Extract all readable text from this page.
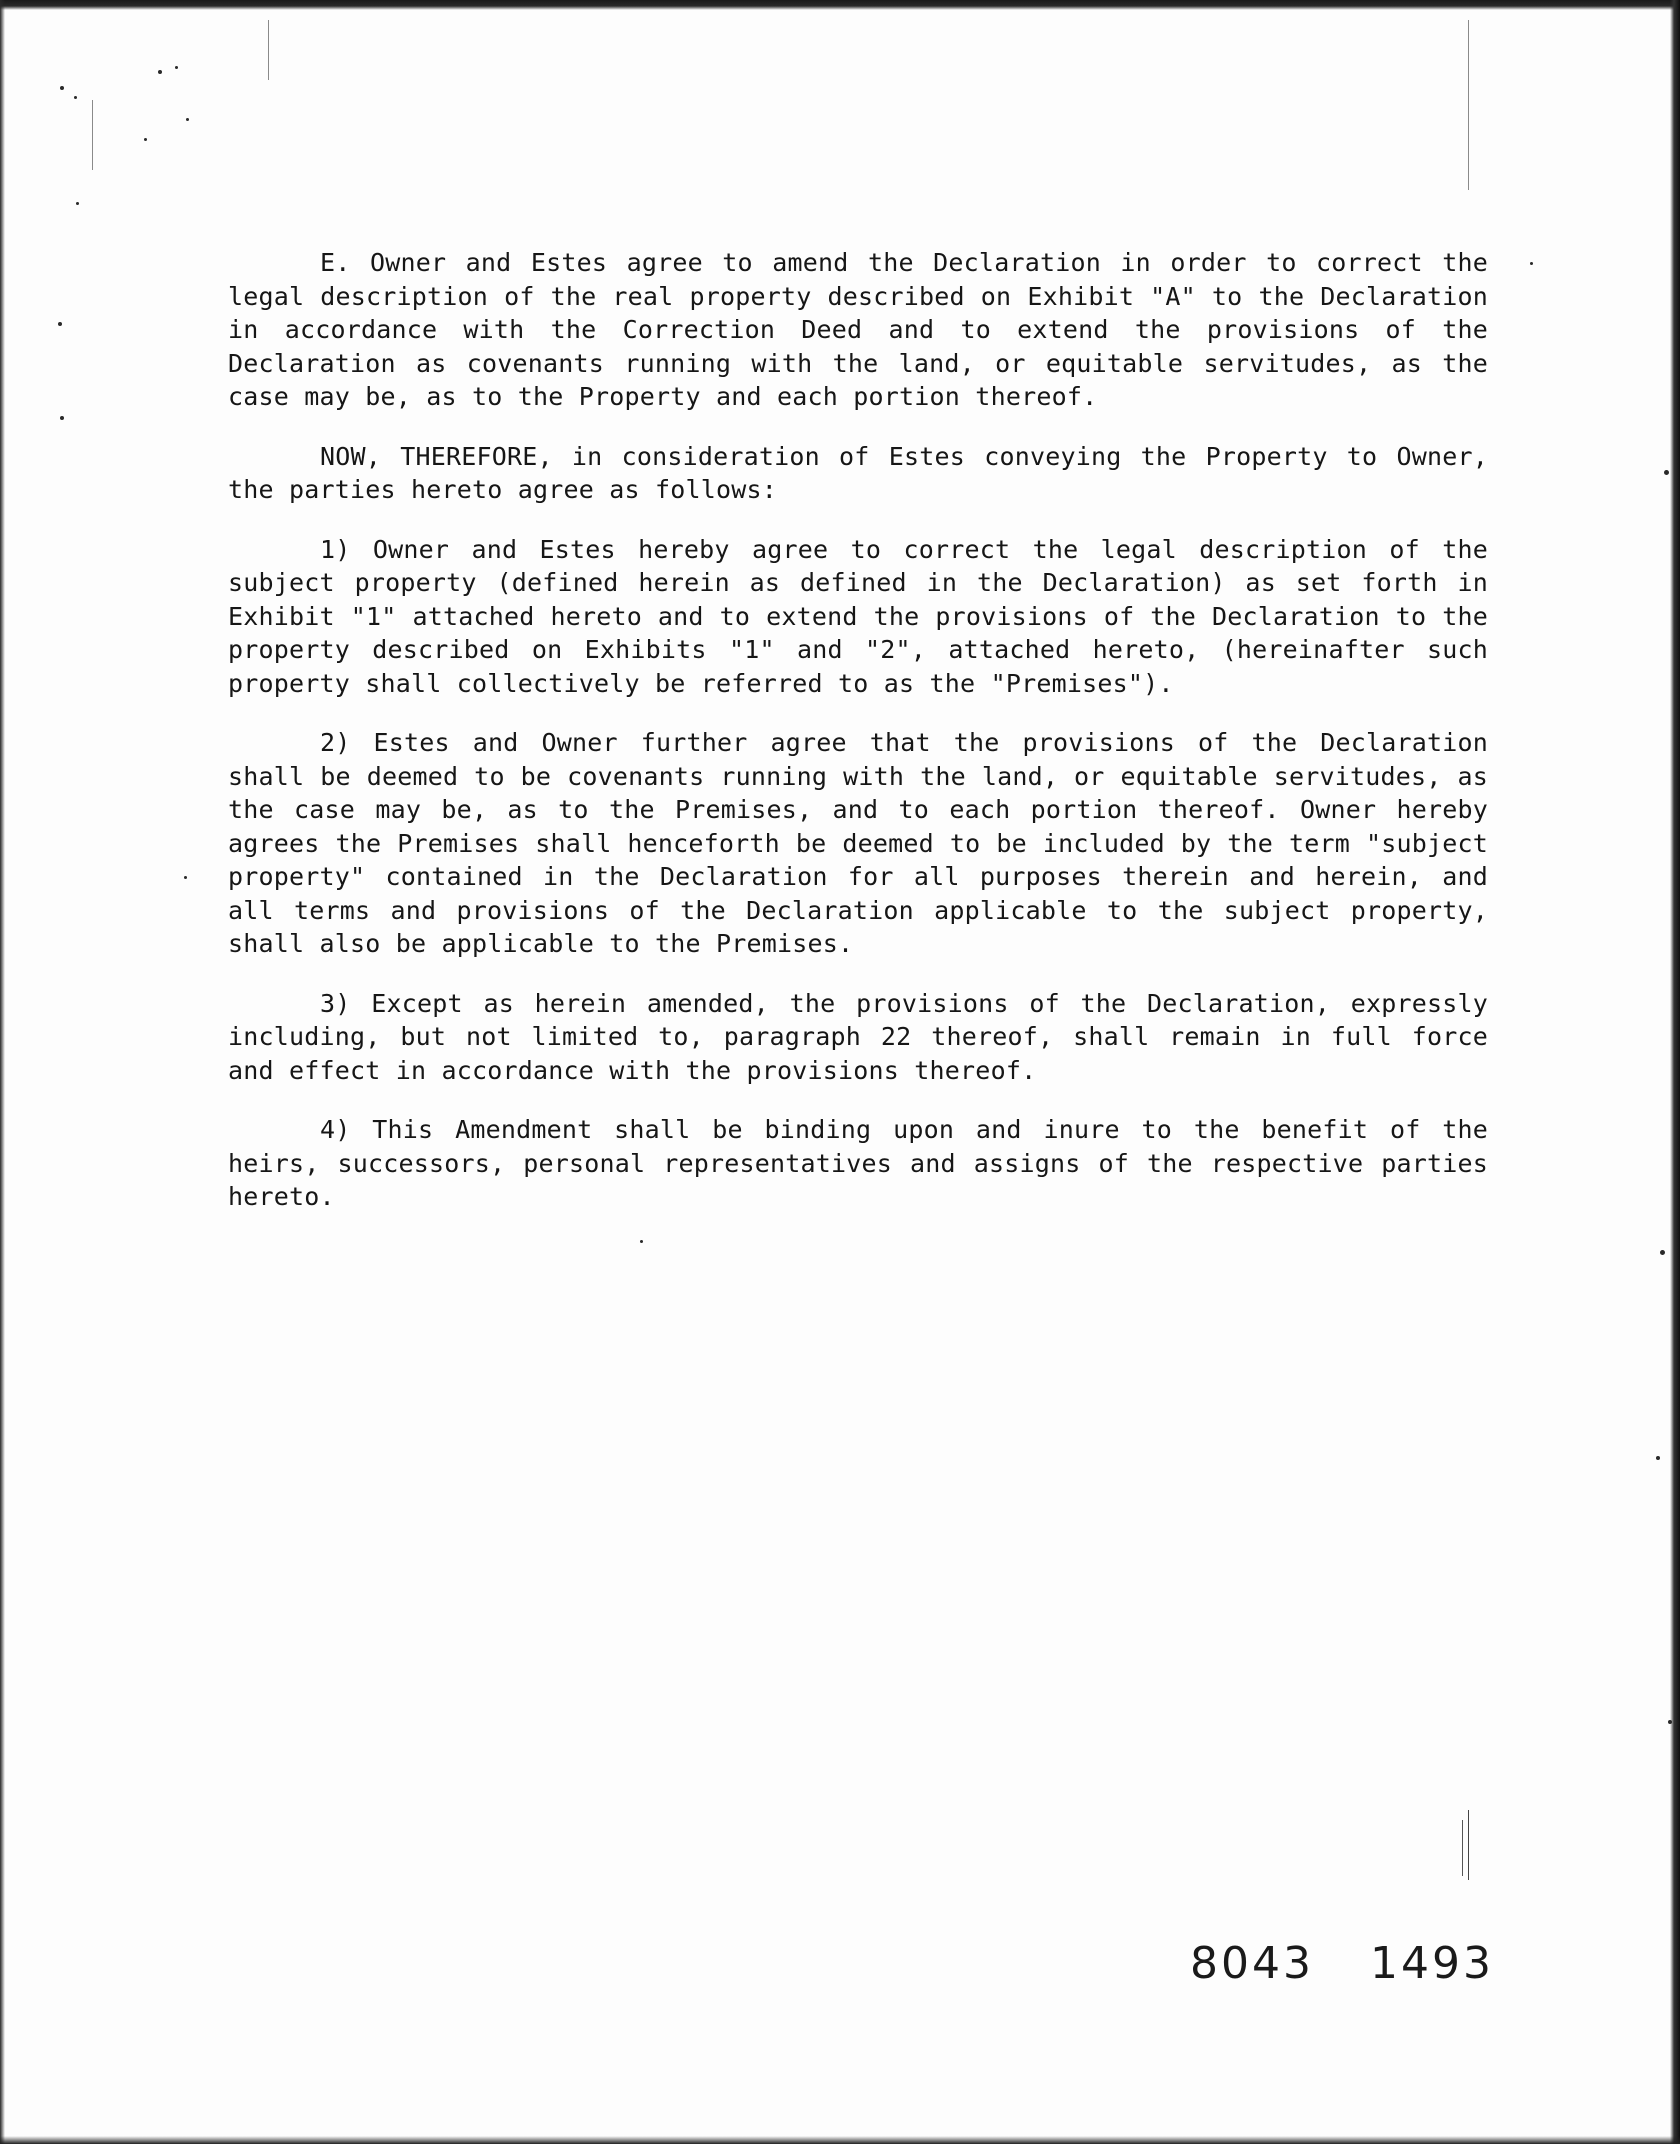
E. Owner and Estes agree to amend the Declaration in order to correct the legal description of the real property described on Exhibit "A" to the Declaration in accordance with the Correction Deed and to extend the provisions of the Declaration as covenants running with the land, or equitable servitudes, as the case may be, as to the Property and each portion thereof.

NOW, THEREFORE, in consideration of Estes conveying the Property to Owner, the parties hereto agree as follows:

1) Owner and Estes hereby agree to correct the legal description of the subject property (defined herein as defined in the Declaration) as set forth in Exhibit "1" attached hereto and to extend the provisions of the Declaration to the property described on Exhibits "1" and "2", attached hereto, (hereinafter such property shall collectively be referred to as the "Premises").

2) Estes and Owner further agree that the provisions of the Declaration shall be deemed to be covenants running with the land, or equitable servitudes, as the case may be, as to the Premises, and to each portion thereof. Owner hereby agrees the Premises shall henceforth be deemed to be included by the term "subject property" contained in the Declaration for all purposes therein and herein, and all terms and provisions of the Declaration applicable to the subject property, shall also be applicable to the Premises.

3) Except as herein amended, the provisions of the Declaration, expressly including, but not limited to, paragraph 22 thereof, shall remain in full force and effect in accordance with the provisions thereof.

4) This Amendment shall be binding upon and inure to the benefit of the heirs, successors, personal representatives and assigns of the respective parties hereto.

8043 1493
